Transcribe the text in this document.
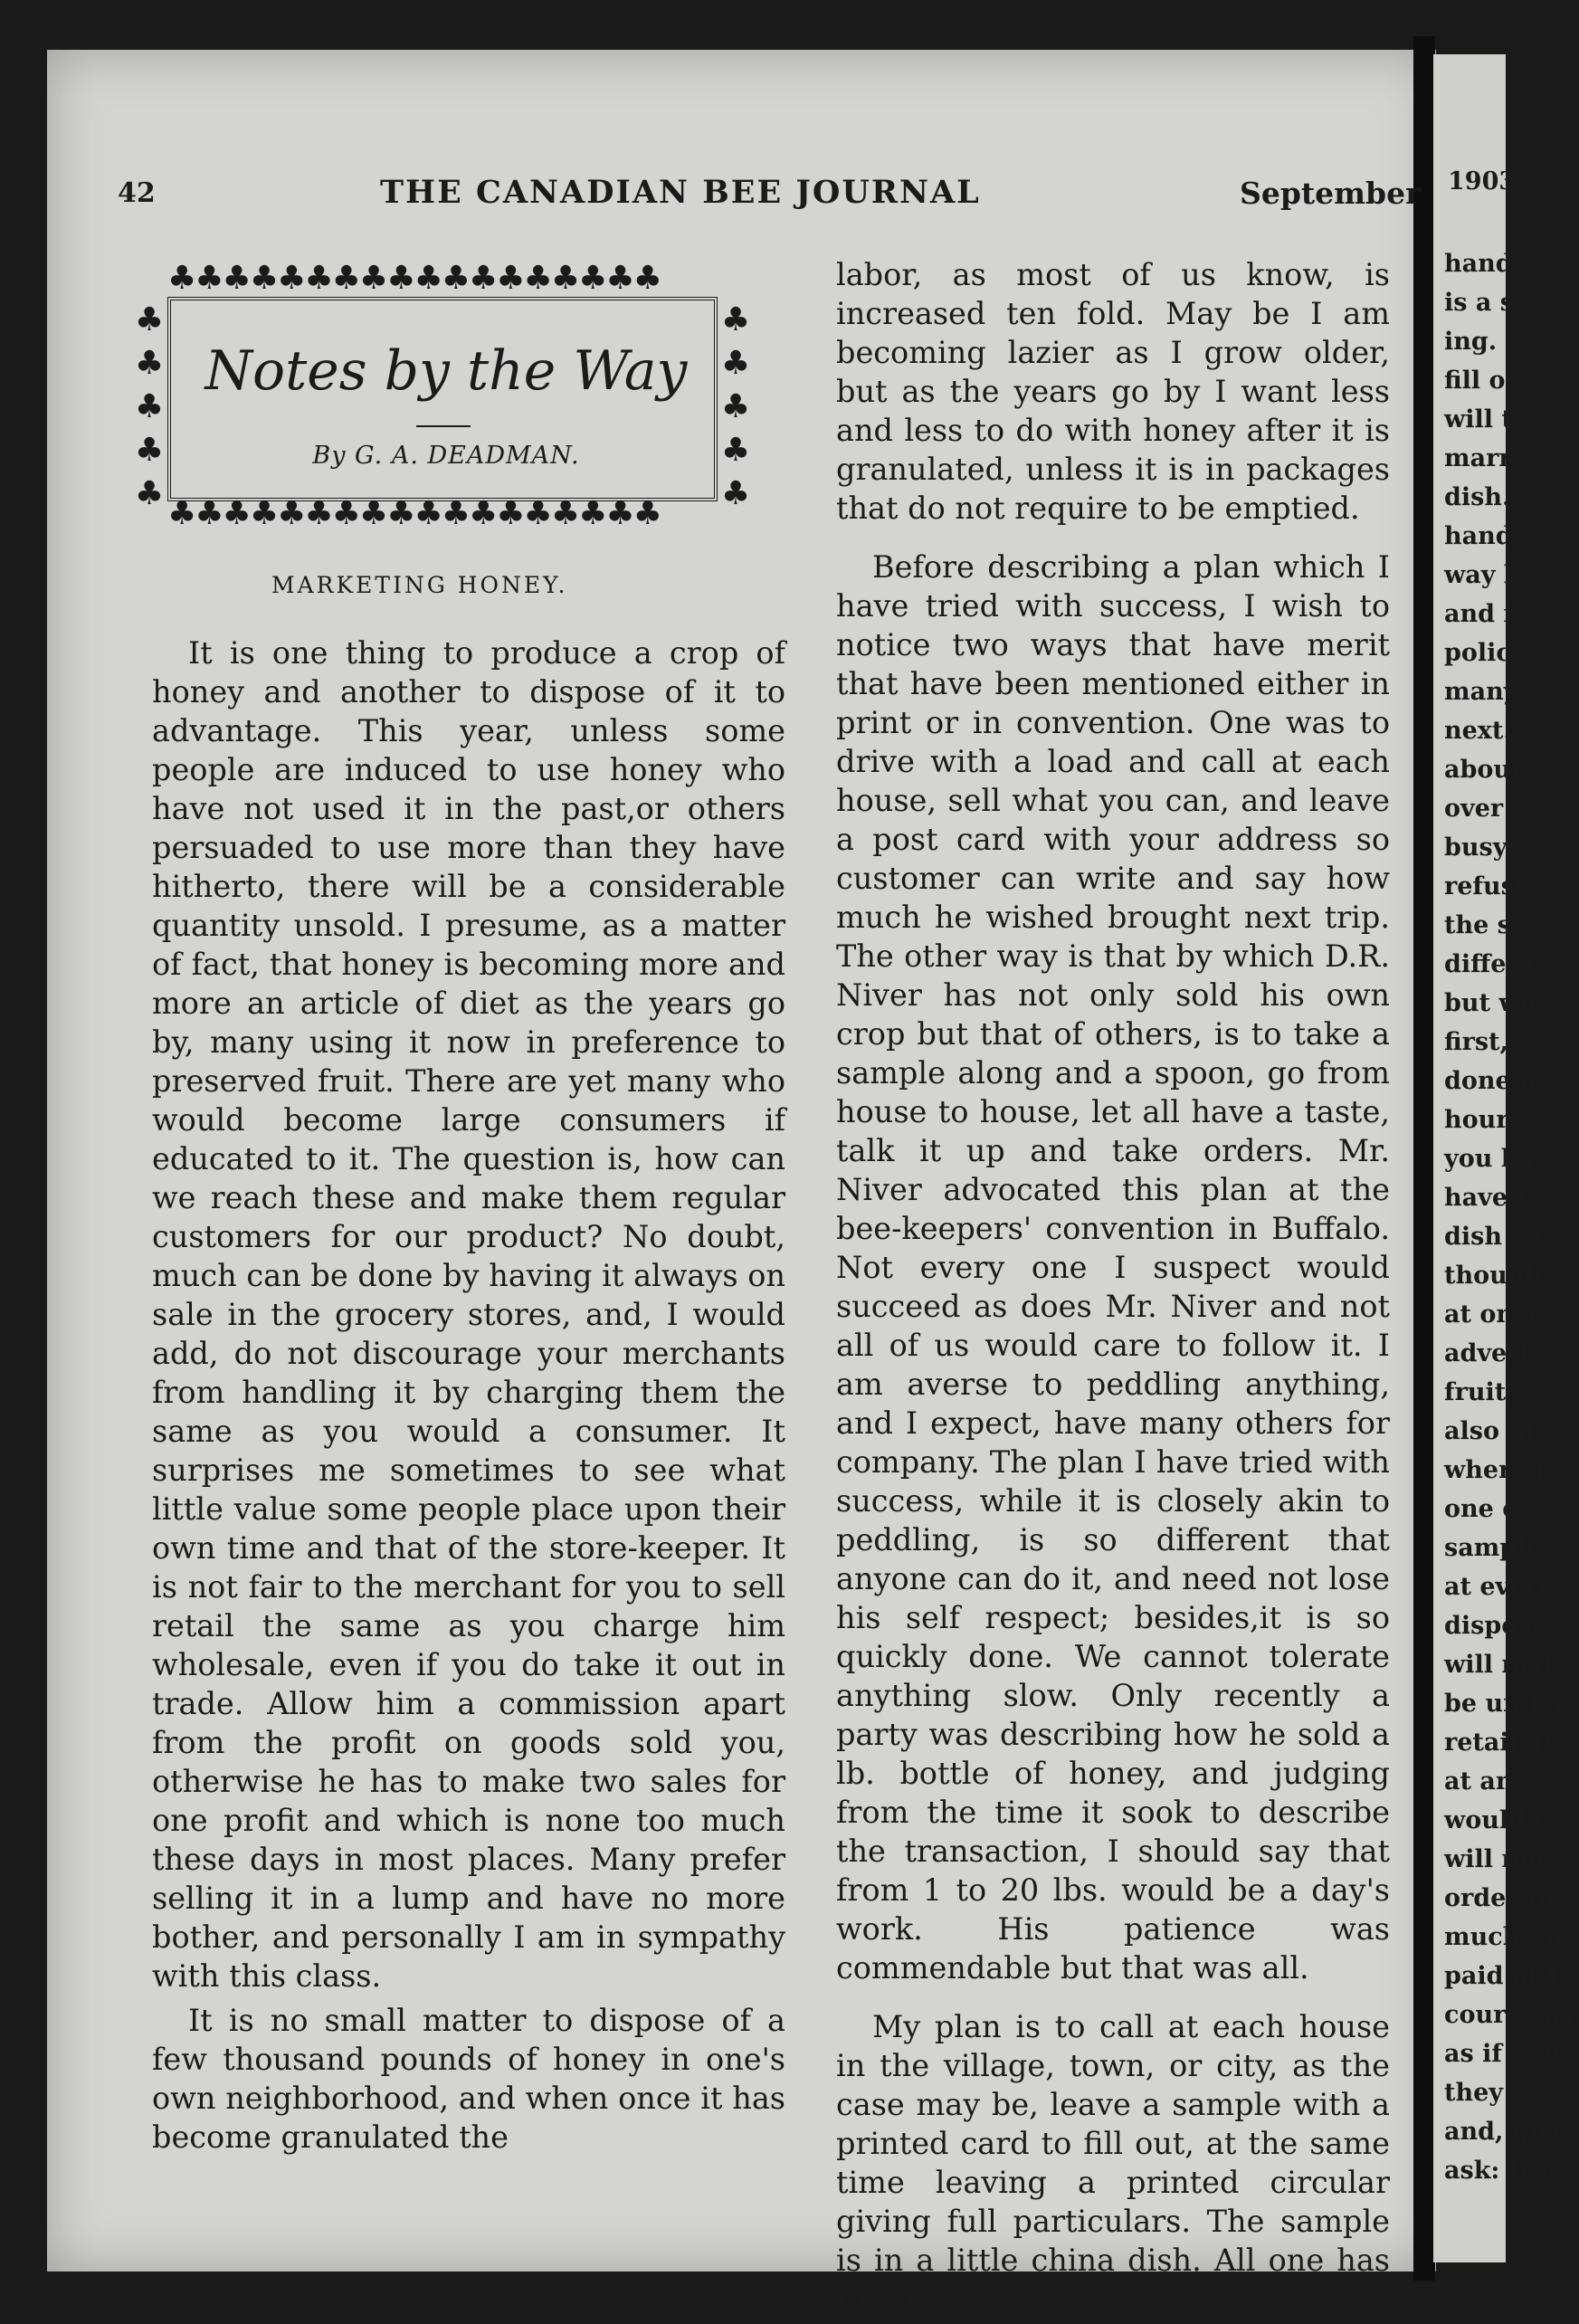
42	THE CANADIAN BEE JOURNAL	September 1903
♣♣♣♣♣♣♣♣♣♣♣♣♣♣♣♣♣♣
♣♣♣♣♣♣♣♣♣♣♣♣♣♣♣♣♣♣
♣
♣
♣
♣
♣
♣
♣
♣
♣
♣
Notes by the Way
By G. A. DEADMAN.
MARKETING HONEY.

It is one thing to produce a crop of honey and another to dispose of it to advantage. This year, unless some people are induced to use honey who have not used it in the past,or others persuaded to use more than they have hitherto, there will be a considerable quantity unsold. I presume, as a matter of fact, that honey is becoming more and more an article of diet as the years go by, many using it now in preference to preserved fruit. There are yet many who would become large consumers if educated to it. The question is, how can we reach these and make them regular customers for our product? No doubt, much can be done by having it always on sale in the grocery stores, and, I would add, do not discourage your merchants from handling it by charging them the same as you would a consumer. It surprises me sometimes to see what little value some people place upon their own time and that of the store-keeper. It is not fair to the merchant for you to sell retail the same as you charge him wholesale, even if you do take it out in trade. Allow him a commission apart from the profit on goods sold you, otherwise he has to make two sales for one profit and which is none too much these days in most places. Many prefer selling it in a lump and have no more bother, and personally I am in sympathy with this class.

It is no small matter to dispose of a few thousand pounds of honey in one's own neighborhood, and when once it has become granulated the

labor, as most of us know, is increased ten fold. May be I am becoming lazier as I grow older, but as the years go by I want less and less to do with honey after it is granulated, unless it is in packages that do not require to be emptied.

Before describing a plan which I have tried with success, I wish to notice two ways that have merit that have been mentioned either in print or in convention. One was to drive with a load and call at each house, sell what you can, and leave a post card with your address so customer can write and say how much he wished brought next trip. The other way is that by which D.R. Niver has not only sold his own crop but that of others, is to take a sample along and a spoon, go from house to house, let all have a taste, talk it up and take orders. Mr. Niver advocated this plan at the bee-keepers' convention in Buffalo. Not every one I suspect would succeed as does Mr. Niver and not all of us would care to follow it. I am averse to peddling anything, and I expect, have many others for company. The plan I have tried with success, while it is closely akin to peddling, is so different that anyone can do it, and need not lose his self respect; besides,it is so quickly done. We cannot tolerate anything slow. Only recently a party was describing how he sold a lb. bottle of honey, and judging from the time it sook to describe the transaction, I should say that from 1 to 20 lbs. would be a day's work. His patience was commendable but that was all.

My plan is to call at each house in the village, town, or city, as the case may be, leave a sample with a printed card to fill out, at the same time leaving a printed circular giving full particulars. The sample is in a little china dish. All one has to do is

hand
is a s
ing.
fill o
will t
marr
dish.
hand
way b
and it
policy
many
next.
about
over t
busy
refuse
the se
differa
but wo
first, w
done o
hours
you ha
have to
dish so
though
at once
advertis
fruit s
also in
where t
one ca
samples
at every
dispose
will mal
be under
retail at
at an a
would ex
will not
order to
much, or
paid at t
course as
as if boug
they ask
and, give
ask: It is
